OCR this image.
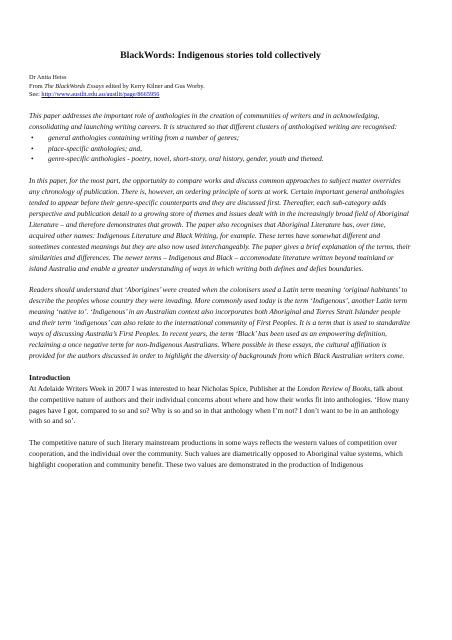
BlackWords: Indigenous stories told collectively
Dr Anita Heiss
From The BlackWords Essays edited by Kerry Kilner and Gus Worby.
See: http://www.austlit.edu.au/austlit/page/8665956

This paper addresses the important role of anthologies in the creation of communities of writers and in acknowledging, consolidating and launching writing careers. It is structured so that different clusters of anthologised writing are recognised:

• general anthologies containing writing from a number of genres;
• place-specific anthologies; and,
• genre-specific anthologies - poetry, novel, short-story, oral history, gender, youth and themed.

In this paper, for the most part, the opportunity to compare works and discuss common approaches to subject matter overrides any chronology of publication. There is, however, an ordering principle of sorts at work. Certain important general anthologies tended to appear before their genre-specific counterparts and they are discussed first. Thereafter, each sub-category adds perspective and publication detail to a growing store of themes and issues dealt with in the increasingly broad field of Aboriginal Literature – and therefore demonstrates that growth. The paper also recognises that Aboriginal Literature has, over time, acquired other names: Indigenous Literature and Black Writing, for example. These terms have somewhat different and sometimes contested meanings but they are also now used interchangeably. The paper gives a brief explanation of the terms, their similarities and differences. The newer terms – Indigenous and Black – accommodate literature written beyond mainland or island Australia and enable a greater understanding of ways in which writing both defines and defies boundaries.

Readers should understand that ‘Aborigines’ were created when the colonisers used a Latin term meaning ‘original habitants’ to describe the peoples whose country they were invading. More commonly used today is the term ‘Indigenous’, another Latin term meaning ‘native to’. ‘Indigenous’ in an Australian context also incorporates both Aboriginal and Torres Strait Islander people and their term ‘indigenous’ can also relate to the international community of First Peoples. It is a term that is used to standardize ways of discussing Australia’s First Peoples. In recent years, the term ‘Black’ has been used as an empowering definition, reclaiming a once negative term for non-Indigenous Australians. Where possible in these essays, the cultural affiliation is provided for the authors discussed in order to highlight the diversity of backgrounds from which Black Australian writers come.

Introduction

At Adelaide Writers Week in 2007 I was interested to hear Nicholas Spice, Publisher at the London Review of Books, talk about the competitive nature of authors and their individual concerns about where and how their works fit into anthologies. ‘How many pages have I got, compared to so and so? Why is so and so in that anthology when I’m not? I don’t want to be in an anthology with so and so’.

The competitive nature of such literary mainstream productions in some ways reflects the western values of competition over cooperation, and the individual over the community. Such values are diametrically opposed to Aboriginal value systems, which highlight cooperation and community benefit. These two values are demonstrated in the production of Indigenous
